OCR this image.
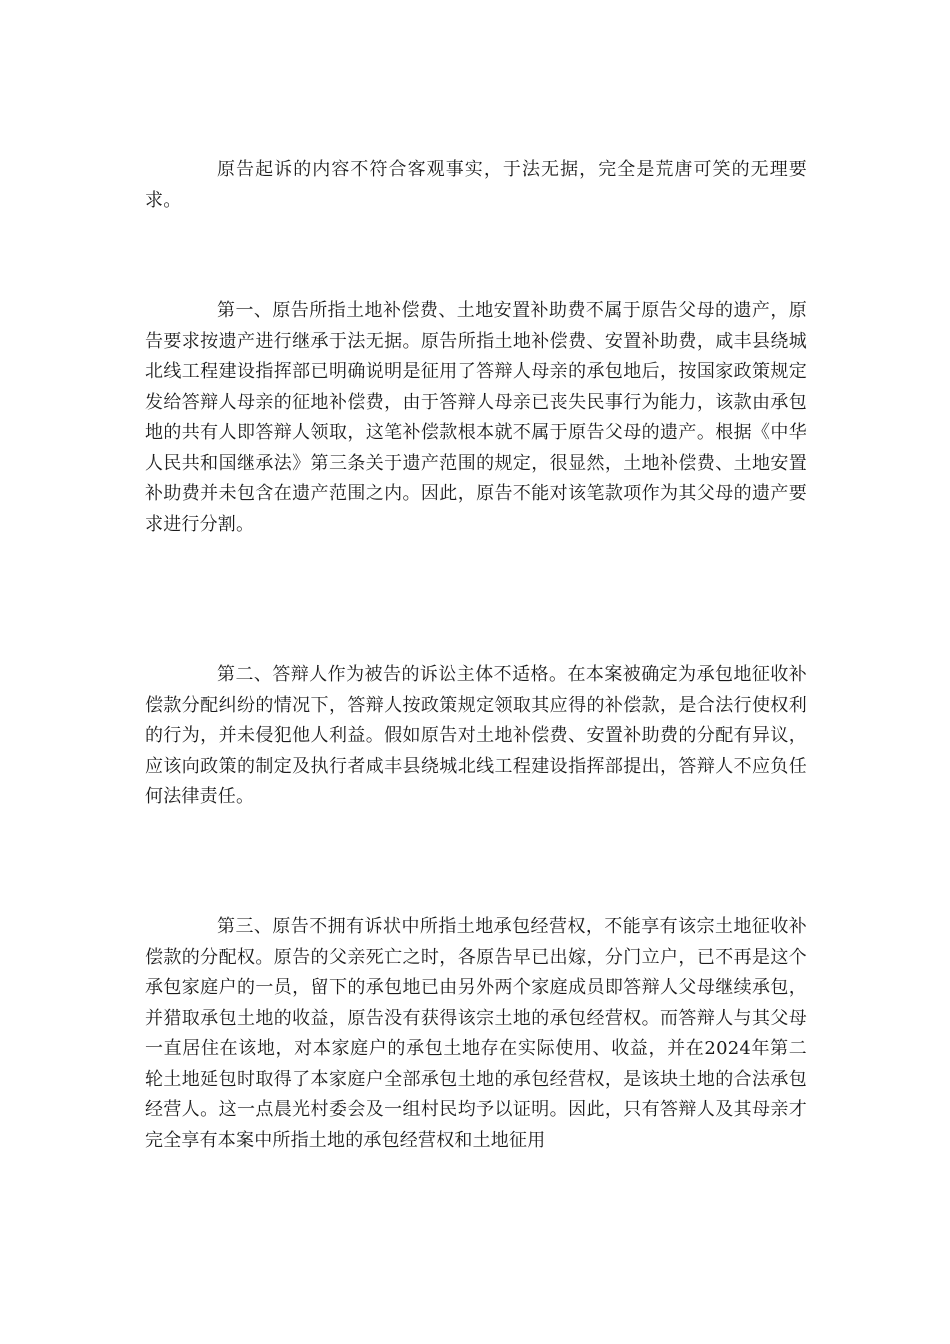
原告起诉的内容不符合客观事实，于法无据，完全是荒唐可笑的无理要求。

第一、原告所指土地补偿费、土地安置补助费不属于原告父母的遗产，原告要求按遗产进行继承于法无据。原告所指土地补偿费、安置补助费，咸丰县绕城北线工程建设指挥部已明确说明是征用了答辩人母亲的承包地后，按国家政策规定发给答辩人母亲的征地补偿费，由于答辩人母亲已丧失民事行为能力，该款由承包地的共有人即答辩人领取，这笔补偿款根本就不属于原告父母的遗产。根据《中华人民共和国继承法》第三条关于遗产范围的规定，很显然，土地补偿费、土地安置补助费并未包含在遗产范围之内。因此，原告不能对该笔款项作为其父母的遗产要求进行分割。

第二、答辩人作为被告的诉讼主体不适格。在本案被确定为承包地征收补偿款分配纠纷的情况下，答辩人按政策规定领取其应得的补偿款，是合法行使权利的行为，并未侵犯他人利益。假如原告对土地补偿费、安置补助费的分配有异议，应该向政策的制定及执行者咸丰县绕城北线工程建设指挥部提出，答辩人不应负任何法律责任。

第三、原告不拥有诉状中所指土地承包经营权，不能享有该宗土地征收补偿款的分配权。原告的父亲死亡之时，各原告早已出嫁，分门立户，已不再是这个承包家庭户的一员，留下的承包地已由另外两个家庭成员即答辩人父母继续承包，并猎取承包土地的收益，原告没有获得该宗土地的承包经营权。而答辩人与其父母一直居住在该地，对本家庭户的承包土地存在实际使用、收益，并在2024年第二轮土地延包时取得了本家庭户全部承包土地的承包经营权，是该块土地的合法承包经营人。这一点晨光村委会及一组村民均予以证明。因此，只有答辩人及其母亲才完全享有本案中所指土地的承包经营权和土地征用
